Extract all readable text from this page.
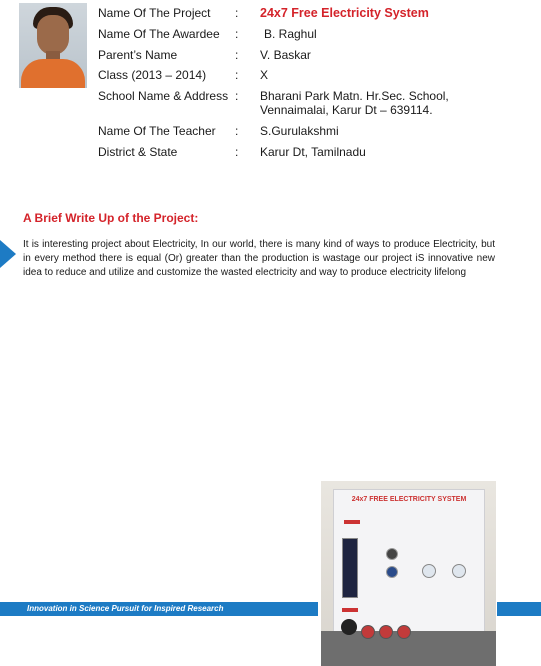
Name Of The Project : 24x7 Free Electricity System
Name Of The Awardee : B. Raghul
Parent’s Name	: V. Baskar
Class (2013 – 2014) : X
School Name & Address : Bharani Park Matn. Hr.Sec. School,
Vennaimalai, Karur Dt – 639114.
Name Of The Teacher : S.Gurulakshmi
District & State	: Karur Dt, Tamilnadu
A Brief Write Up of the Project:

It is interesting project about Electricity, In our world, there is many kind of ways to produce Electricity, but in every method there is equal (Or) greater than the production is wastage our project iS innovative new idea to reduce and utilize and customize the wasted electricity and way to produce electricity lifelong

Innovation in Science Pursuit for Inspired Research
24x7 FREE ELECTRICITY SYSTEM
